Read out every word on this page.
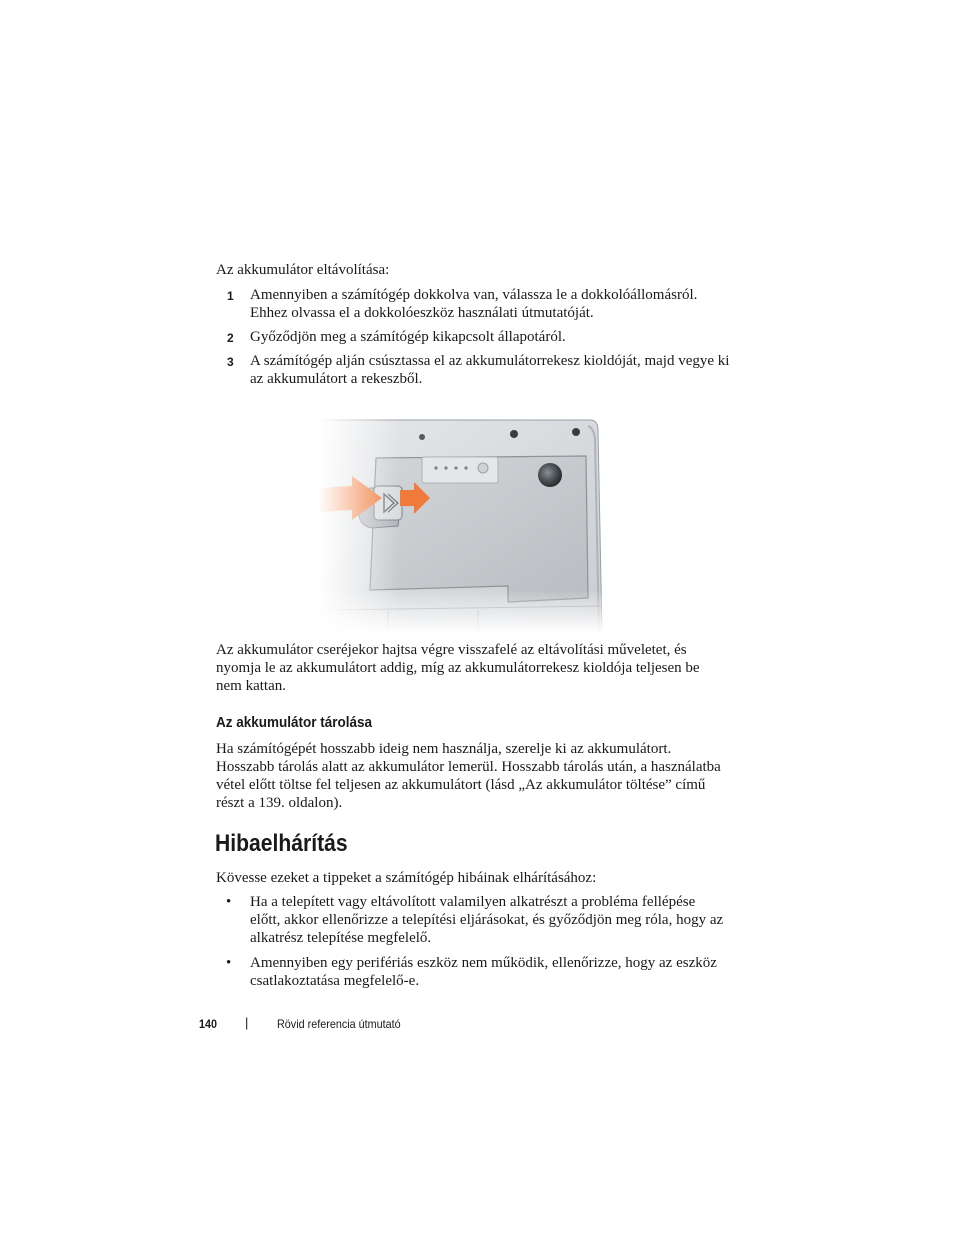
Az akkumulátor eltávolítása:
1 Amennyiben a számítógép dokkolva van, válassza le a dokkolóállomásról. Ehhez olvassa el a dokkolóeszköz használati útmutatóját.
2 Győződjön meg a számítógép kikapcsolt állapotáról.
3 A számítógép alján csúsztassa el az akkumulátorrekesz kioldóját, majd vegye ki az akkumulátort a rekeszből.
Az akkumulátor cseréjekor hajtsa végre visszafelé az eltávolítási műveletet, és nyomja le az akkumulátort addig, míg az akkumulátorrekesz kioldója teljesen be nem kattan.
Az akkumulátor tárolása
Ha számítógépét hosszabb ideig nem használja, szerelje ki az akkumulátort. Hosszabb tárolás alatt az akkumulátor lemerül. Hosszabb tárolás után, a használatba vétel előtt töltse fel teljesen az akkumulátort (lásd „Az akkumulátor töltése” című részt a 139. oldalon).
Hibaelhárítás
Kövesse ezeket a tippeket a számítógép hibáinak elhárításához:
• Ha a telepített vagy eltávolított valamilyen alkatrészt a probléma fellépése előtt, akkor ellenőrizze a telepítési eljárásokat, és győződjön meg róla, hogy az alkatrész telepítése megfelelő.
• Amennyiben egy perifériás eszköz nem működik, ellenőrizze, hogy az eszköz csatlakoztatása megfelelő-e.
140 | Rövid referencia útmutató
